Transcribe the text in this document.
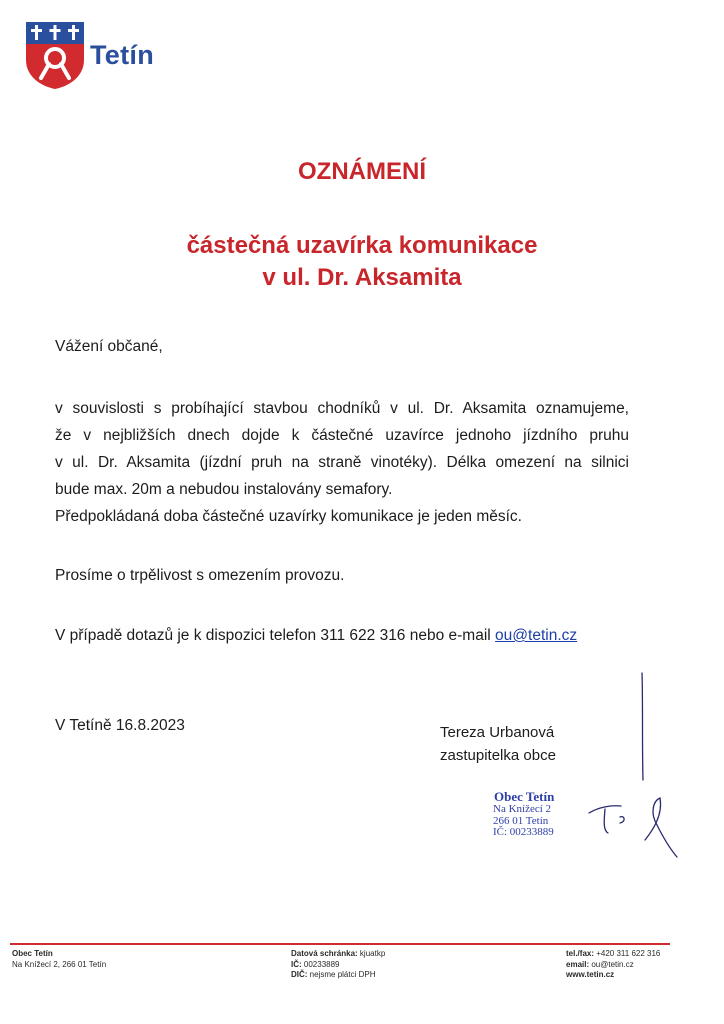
Tetín
OZNÁMENÍ
částečná uzavírka komunikace
v ul. Dr. Aksamita
Vážení občané,
v souvislosti s probíhající stavbou chodníků v ul. Dr. Aksamita oznamujeme,
že v nejbližších dnech dojde k částečné uzavírce jednoho jízdního pruhu
v ul. Dr. Aksamita (jízdní pruh na straně vinotéky). Délka omezení na silnici
bude max. 20m a nebudou instalovány semafory.
Předpokládaná doba částečné uzavírky komunikace je jeden měsíc.
Prosíme o trpělivost s omezením provozu.
V případě dotazů je k dispozici telefon 311 622 316 nebo e-mail ou@tetin.cz
V Tetíně 16.8.2023	Tereza Urbanová
zastupitelka obce
Obec Tetín
Na Knížecí 2
266 01 Tetín
IČ: 00233889
Obec Tetín
Na Knížecí 2, 266 01 Tetín
Datová schránka: kjuatkp
IČ: 00233889
DIČ: nejsme plátci DPH
tel./fax: +420 311 622 316
email: ou@tetin.cz
www.tetin.cz
